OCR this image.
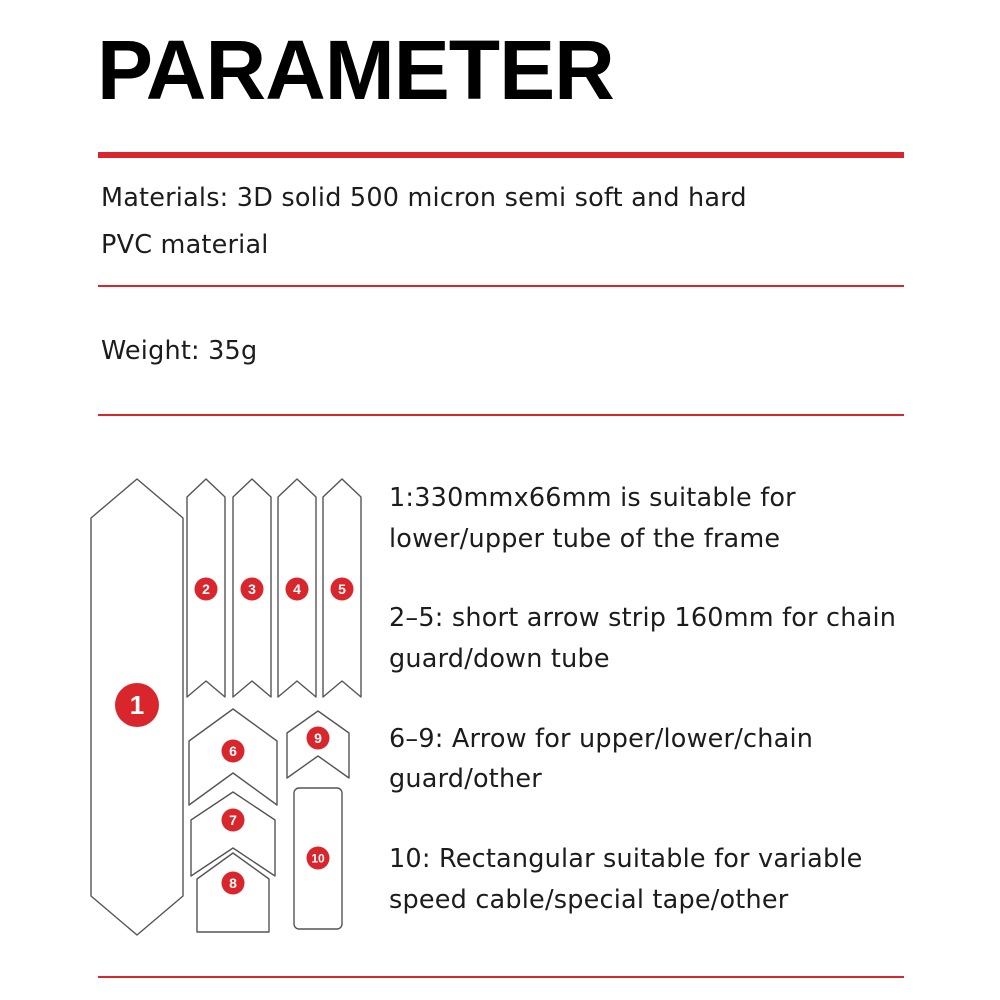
PARAMETER
Materials: 3D solid 500 micron semi soft and hard
PVC material
Weight: 35g
1
2	3	4	5
6
7
8
9
10
1:330mmx66mm is suitable for
lower/upper tube of the frame
2–5: short arrow strip 160mm for chain
guard/down tube
6–9: Arrow for upper/lower/chain
guard/other
10: Rectangular suitable for variable
speed cable/special tape/other
